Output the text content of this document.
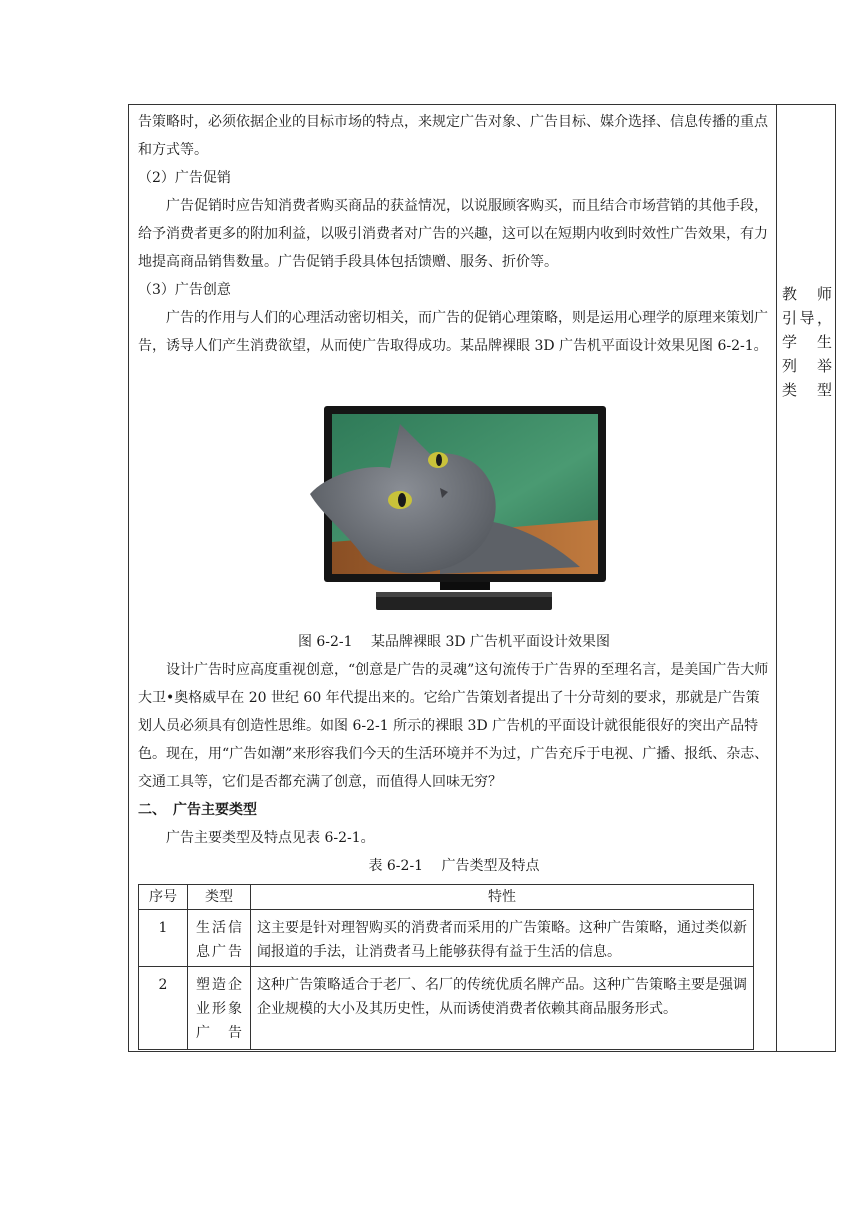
告策略时，必须依据企业的目标市场的特点，来规定广告对象、广告目标、媒介选择、信息传播的重点和方式等。

（2）广告促销

广告促销时应告知消费者购买商品的获益情况，以说服顾客购买，而且结合市场营销的其他手段，给予消费者更多的附加利益，以吸引消费者对广告的兴趣，这可以在短期内收到时效性广告效果，有力地提高商品销售数量。广告促销手段具体包括馈赠、服务、折价等。

（3）广告创意

广告的作用与人们的心理活动密切相关，而广告的促销心理策略，则是运用心理学的原理来策划广告，诱导人们产生消费欲望，从而使广告取得成功。某品牌裸眼 3D 广告机平面设计效果见图 6-2-1。

教 师
引导，
学 生
列 举
类型
图 6-2-1　 某品牌裸眼 3D 广告机平面设计效果图

设计广告时应高度重视创意，“创意是广告的灵魂”这句流传于广告界的至理名言，是美国广告大师大卫•奥格威早在 20 世纪 60 年代提出来的。它给广告策划者提出了十分苛刻的要求，那就是广告策划人员必须具有创造性思维。如图 6-2-1 所示的裸眼 3D 广告机的平面设计就很能很好的突出产品特色。现在，用“广告如潮”来形容我们今天的生活环境并不为过，广告充斥于电视、广播、报纸、杂志、交通工具等，它们是否都充满了创意，而值得人回味无穷？

二、　广告主要类型

广告主要类型及特点见表 6-2-1。

表 6-2-1　 广告类型及特点

序号	类型	特性
1	生活信息广告	这主要是针对理智购买的消费者而采用的广告策略。这种广告策略，通过类似新闻报道的手法，让消费者马上能够获得有益于生活的信息。
2	塑造企业形象广告	这种广告策略适合于老厂、名厂的传统优质名牌产品。这种广告策略主要是强调企业规模的大小及其历史性，从而诱使消费者依赖其商品服务形式。
